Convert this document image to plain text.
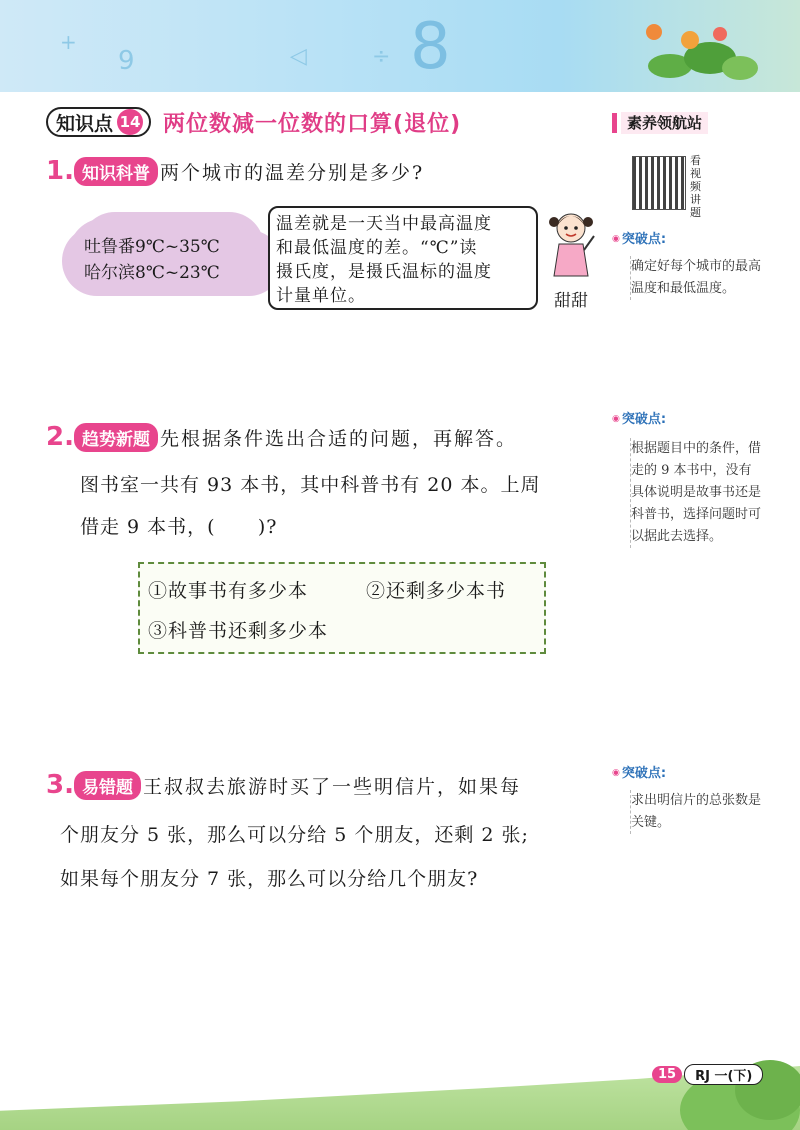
+
9	◁	÷ 8
知识点 14 两位数减一位数的口算(退位)	素养领航站
看视频讲题
◉ 突破点:
确定好每个城市的最高温度和最低温度。
◉ 突破点:
根据题目中的条件，借走的 9 本书中，没有具体说明是故事书还是科普书，选择问题时可以据此去选择。
◉ 突破点:
求出明信片的总张数是关键。
1. 知识科普 两个城市的温差分别是多少?
吐鲁番9℃~35℃
哈尔滨8℃~23℃

温差就是一天当中最高温度

和最低温度的差。“℃”读

摄氏度，是摄氏温标的温度

计量单位。	甜甜
2. 趋势新题 先根据条件选出合适的问题，再解答。
图书室一共有 93 本书，其中科普书有 20 本。上周
借走 9 本书，(      )?
①故事书有多少本	②还剩多少本书
③科普书还剩多少本
3. 易错题 王叔叔去旅游时买了一些明信片，如果每
个朋友分 5 张，那么可以分给 5 个朋友，还剩 2 张;
如果每个朋友分 7 张，那么可以分给几个朋友?
15	RJ 一(下)
